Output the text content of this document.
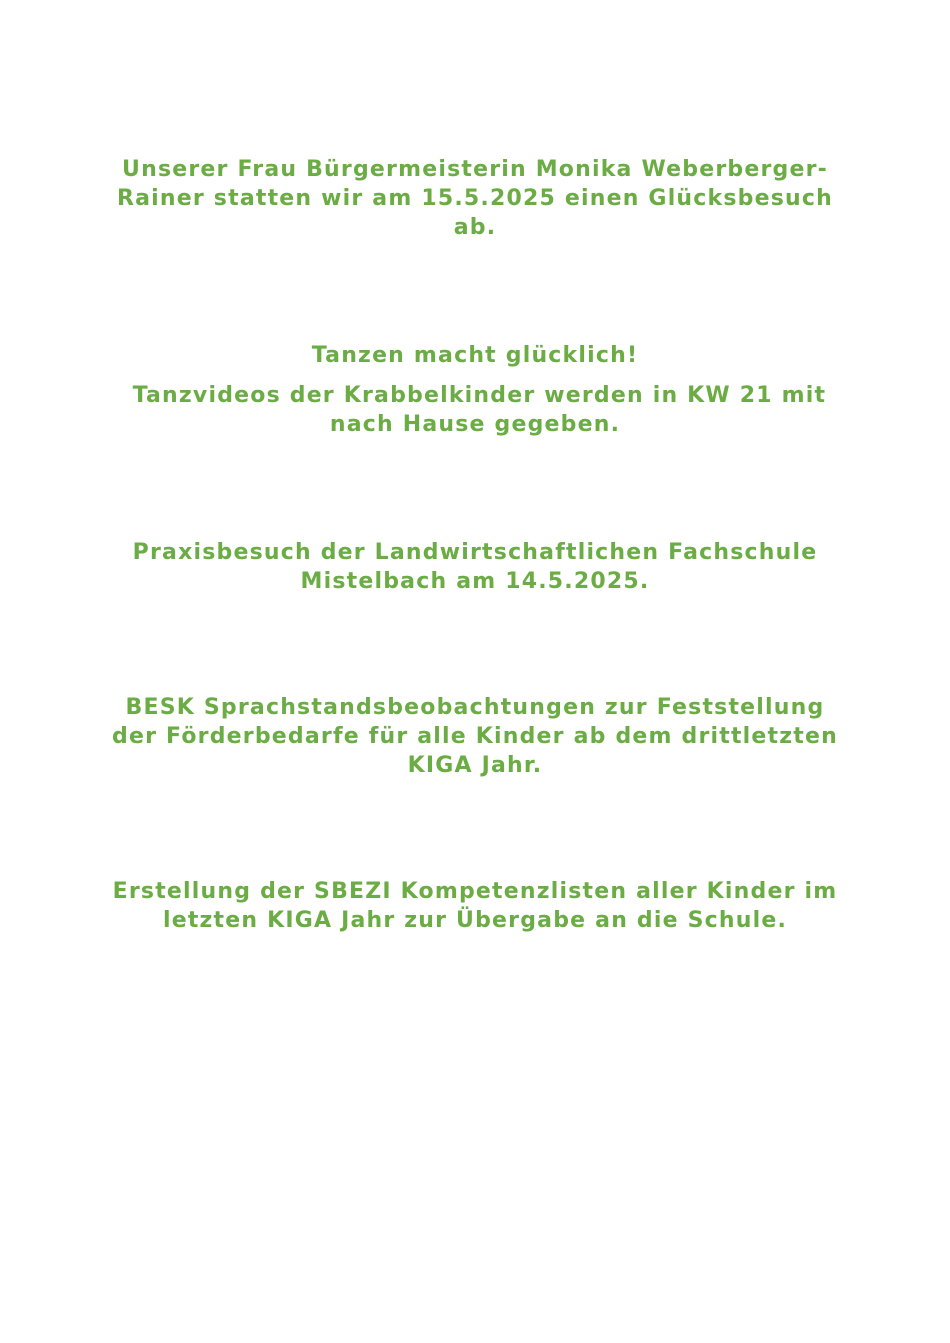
Unserer Frau Bürgermeisterin Monika Weberberger-

Rainer statten wir am 15.5.2025 einen Glücksbesuch

ab.

Tanzen macht glücklich!

Tanzvideos der Krabbelkinder werden in KW 21 mit

nach Hause gegeben.

Praxisbesuch der Landwirtschaftlichen Fachschule

Mistelbach am 14.5.2025.

BESK Sprachstandsbeobachtungen zur Feststellung

der Förderbedarfe für alle Kinder ab dem drittletzten

KIGA Jahr.

Erstellung der SBEZI Kompetenzlisten aller Kinder im

letzten KIGA Jahr zur Übergabe an die Schule.
